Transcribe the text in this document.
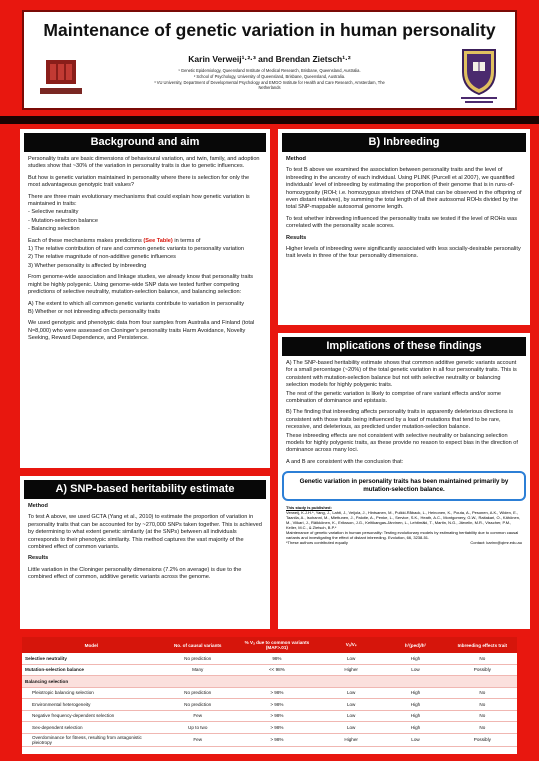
Maintenance of genetic variation in human personality
Karin Verweij¹·²·³ and Brendan Zietsch¹·²
¹ Genetic Epidemiology, Queensland Institute of Medical Research, Brisbane, Queensland, Australia.
² School of Psychology, University of Queensland, Brisbane, Queensland, Australia.
³ VU University, Department of Developmental Psychology and EMGO Institute for Health and Care Research, Amsterdam, The Netherlands
Background and aim

Personality traits are basic dimensions of behavioural variation, and twin, family, and adoption studies show that ~30% of the variation in personality traits is due to genetic influences.

But how is genetic variation maintained in personality where there is selection for only the most advantageous genotypic trait values?

There are three main evolutionary mechanisms that could explain how genetic variation is maintained in traits:

- Selective neutrality

- Mutation-selection balance

- Balancing selection

Each of these mechanisms makes predictions (See Table) in terms of

1) The relative contribution of rare and common genetic variants to personality variation

2) The relative magnitude of non-additive genetic influences

3) Whether personality is affected by inbreeding

From genome-wide association and linkage studies, we already know that personality traits might be highly polygenic. Using genome-wide SNP data we tested further competing predictions of selective neutrality, mutation-selection balance, and balancing selection:

A) The extent to which all common genetic variants contribute to variation in personality

B) Whether or not inbreeding affects personality traits

We used genotypic and phenotypic data from four samples from Australia and Finland (total N≈8,000) who were assessed on Cloninger's personality traits Harm Avoidance, Novelty Seeking, Reward Dependence, and Persistence.

A) SNP-based heritability estimate

Method

To test A above, we used GCTA (Yang et al., 2010) to estimate the proportion of variation in personality traits that can be accounted for by ~270,000 SNPs taken together. This is achieved by determining to what extent genetic similarity (at the SNPs) between all individuals corresponds to their phenotypic similarity. This method captures the vast majority of the combined effect of common variants.

Results

Little variation in the Cloninger personality dimensions (7.2% on average) is due to the combined effect of common, additive genetic variants across the genome.

B) Inbreeding

Method

To test B above we examined the association between personality traits and the level of inbreeding in the ancestry of each individual. Using PLINK (Purcell et al 2007), we quantified individuals' level of inbreeding by estimating the proportion of their genome that is in runs-of-homozygosity (ROH; i.e. homozygous stretches of DNA that can be observed in the offspring of even distant relatives), by summing the total length of all their autosomal ROHs divided by the total SNP-mappable autosomal genome length.

To test whether inbreeding influenced the personality traits we tested if the level of ROHs was correlated with the personality scale scores.

Results

Higher levels of inbreeding were significantly associated with less socially-desirable personality trait levels in three of the four personality dimensions.

Implications of these findings

A) The SNP-based heritability estimate shows that common additive genetic variants account for a small percentage (~20%) of the total genetic variation in all four personality traits. This is consistent with mutation-selection balance but not with selective neutrality or balancing selection models for highly polygenic traits.

The rest of the genetic variation is likely to comprise of rare variant effects and/or some combination of dominance and epistasis.

B) The finding that inbreeding affects personality traits in apparently deleterious directions is consistent with those traits being influenced by a load of mutations that tend to be rare, recessive, and deleterious, as predicted under mutation-selection balance.

These inbreeding effects are not consistent with selective neutrality or balancing selection models for highly polygenic traits, as these provide no reason to expect bias in the direction of dominance across many loci.

A and B are consistent with the conclusion that:

Genetic variation in personality traits has been maintained primarily by mutation-selection balance.
This study is published:
Verweij, K.J.H.*, Yang, J., Lahti, J., Veijola, J., Hintsanen, M., Pulkki-Råback, L., Heinonen, K., Pouta, A., Pesonen, A.K., Widen, E., Taanila, A., Isohanni, M., Miettunen, J., Palotie, A., Penke, L., Service, S.K., Heath, A.C., Montgomery, G.W., Raitakari, O., Kähönen, M., Viikari, J., Räikkönen, K., Eriksson, J.G., Keltikangas-Järvinen, L., Lehtimäki, T., Martin, N.G., Järvelin, M.R., Visscher, P.M., Keller, M.C., & Zietsch, B.P.*
Maintenance of genetic variation in human personality: Testing evolutionary models by estimating heritability due to common causal variants and investigating the effect of distant inbreeding. Evolution, 66, 3238-51.
*These authors contributed equally	Contact: karinv@qimr.edu.au
Model	No. of causal variants	% Vₐ due to common variants (MAF>.01)	Vₐ/Vₛ	h²(ped)/h²	Inbreeding effects trait
Selective neutrality	No prediction	98%	Low	High	No
Mutation-selection balance	Many	<< 98%	Higher	Low	Possibly
Balancing selection					
Pleiotropic balancing selection	No prediction	> 98%	Low	High	No
Environmental heterogeneity	No prediction	> 98%	Low	High	No
Negative frequency-dependent selection	Few	> 98%	Low	High	No
Sex-dependent selection	Up to two	> 98%	Low	High	No
Overdominance for fitness, resulting from antagonistic pleiotropy	Few	> 98%	Higher	Low	Possibly
